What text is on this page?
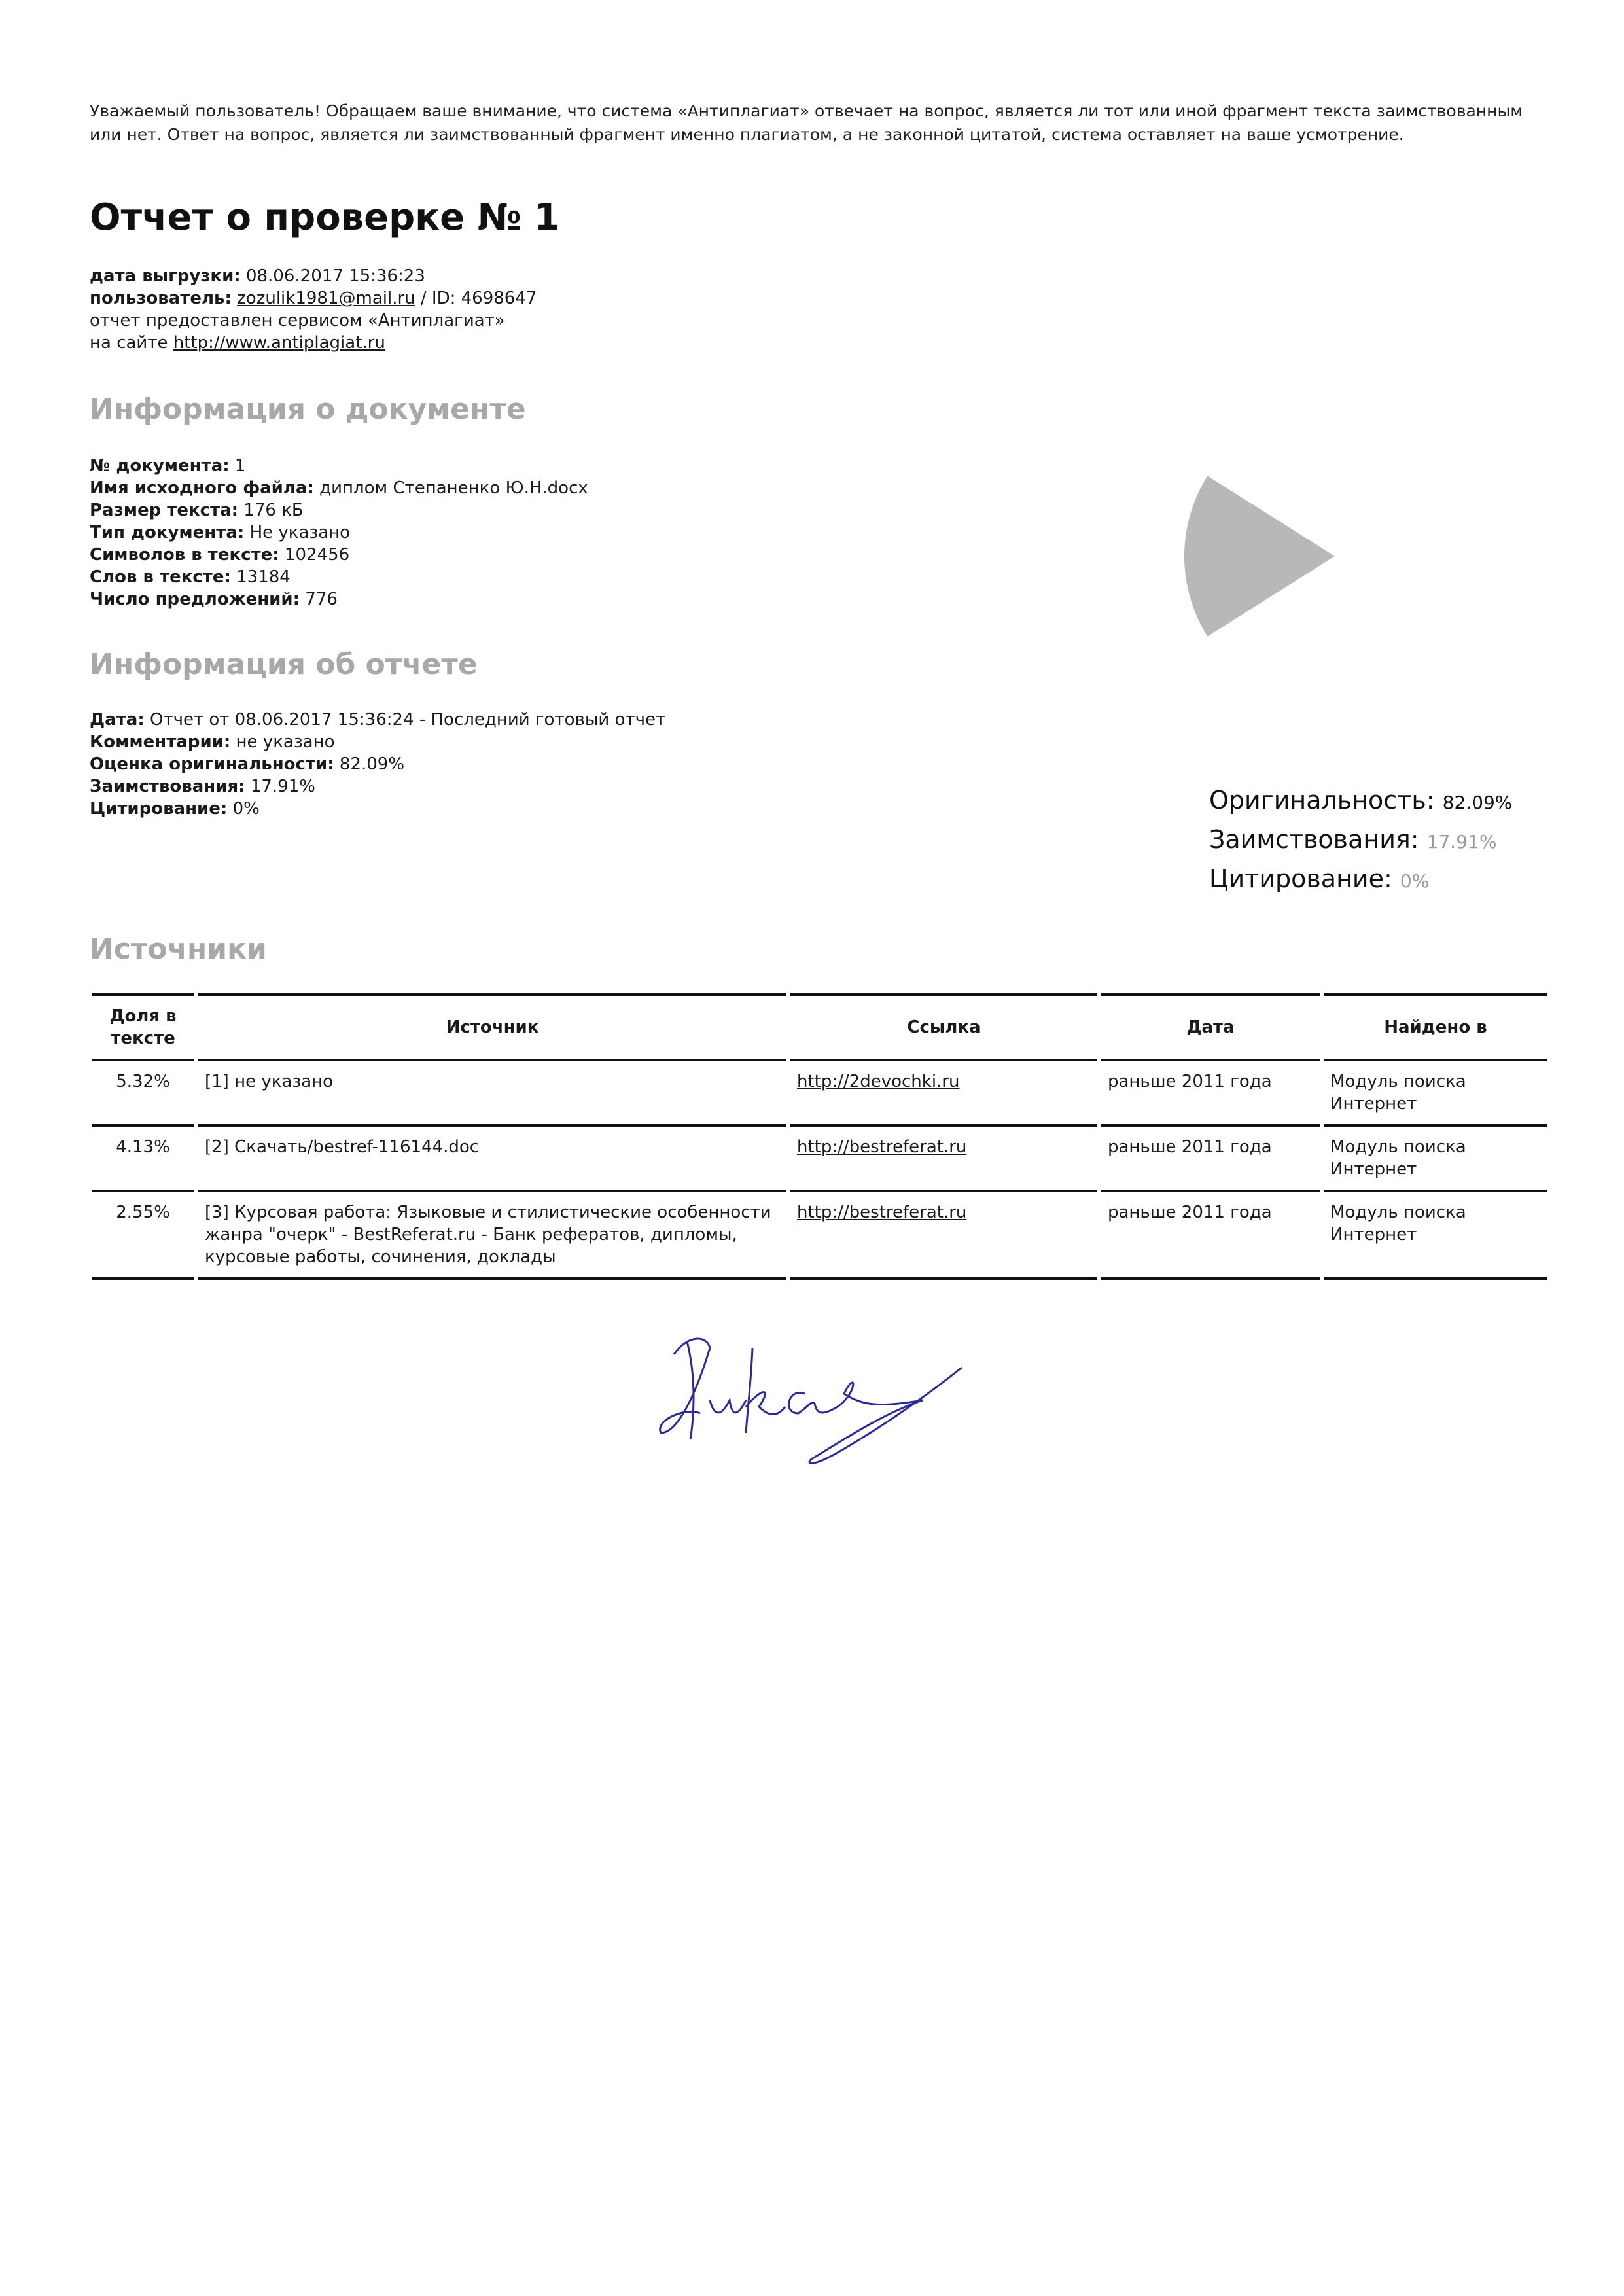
Уважаемый пользователь! Обращаем ваше внимание, что система «Антиплагиат» отвечает на вопрос, является ли тот или иной фрагмент текста заимствованным или нет. Ответ на вопрос, является ли заимствованный фрагмент именно плагиатом, а не законной цитатой, система оставляет на ваше усмотрение.
Отчет о проверке № 1
дата выгрузки: 08.06.2017 15:36:23
пользователь: zozulik1981@mail.ru / ID: 4698647
отчет предоставлен сервисом «Антиплагиат»
на сайте http://www.antiplagiat.ru
Информация о документе
№ документа: 1
Имя исходного файла: диплом Степаненко Ю.Н.docx
Размер текста: 176 кБ
Тип документа: Не указано
Символов в тексте: 102456
Слов в тексте: 13184
Число предложений: 776
Информация об отчете
Дата: Отчет от 08.06.2017 15:36:24 - Последний готовый отчет
Комментарии: не указано
Оценка оригинальности: 82.09%
Заимствования: 17.91%
Цитирование: 0%	Оригинальность: 82.09%
Заимствования: 17.91%
Цитирование: 0%
Источники
Доля в тексте	Источник	Ссылка	Дата	Найдено в
5.32%	[1] не указано	http://2devochki.ru	раньше 2011 года	Модуль поиска Интернет
4.13%	[2] Скачать/bestref-116144.doc	http://bestreferat.ru	раньше 2011 года	Модуль поиска Интернет
2.55%	[3] Курсовая работа: Языковые и стилистические особенности жанра "очерк" - BestReferat.ru - Банк рефератов, дипломы, курсовые работы, сочинения, доклады	http://bestreferat.ru	раньше 2011 года	Модуль поиска Интернет
